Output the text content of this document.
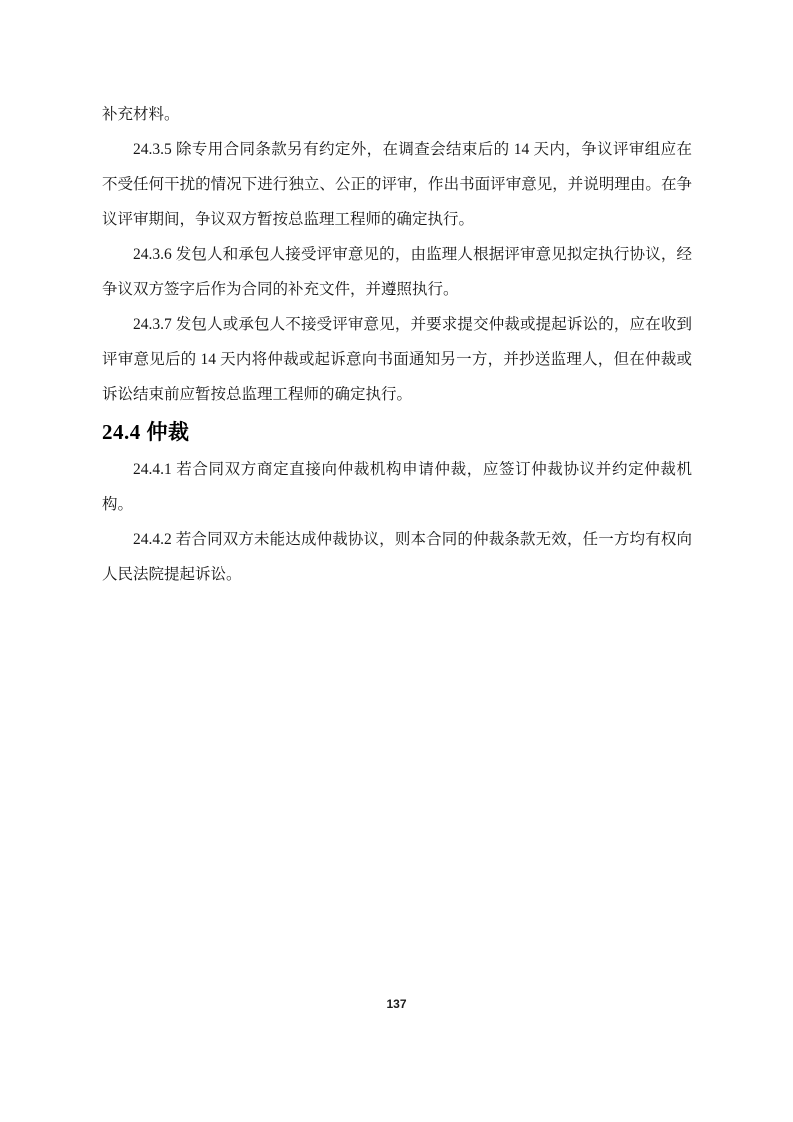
补充材料。

24.3.5 除专用合同条款另有约定外，在调查会结束后的 14 天内，争议评审组应在不受任何干扰的情况下进行独立、公正的评审，作出书面评审意见，并说明理由。在争议评审期间，争议双方暂按总监理工程师的确定执行。

24.3.6 发包人和承包人接受评审意见的，由监理人根据评审意见拟定执行协议，经争议双方签字后作为合同的补充文件，并遵照执行。

24.3.7 发包人或承包人不接受评审意见，并要求提交仲裁或提起诉讼的，应在收到评审意见后的 14 天内将仲裁或起诉意向书面通知另一方，并抄送监理人，但在仲裁或诉讼结束前应暂按总监理工程师的确定执行。

24.4 仲裁

24.4.1 若合同双方商定直接向仲裁机构申请仲裁，应签订仲裁协议并约定仲裁机构。

24.4.2 若合同双方未能达成仲裁协议，则本合同的仲裁条款无效，任一方均有权向人民法院提起诉讼。

137
